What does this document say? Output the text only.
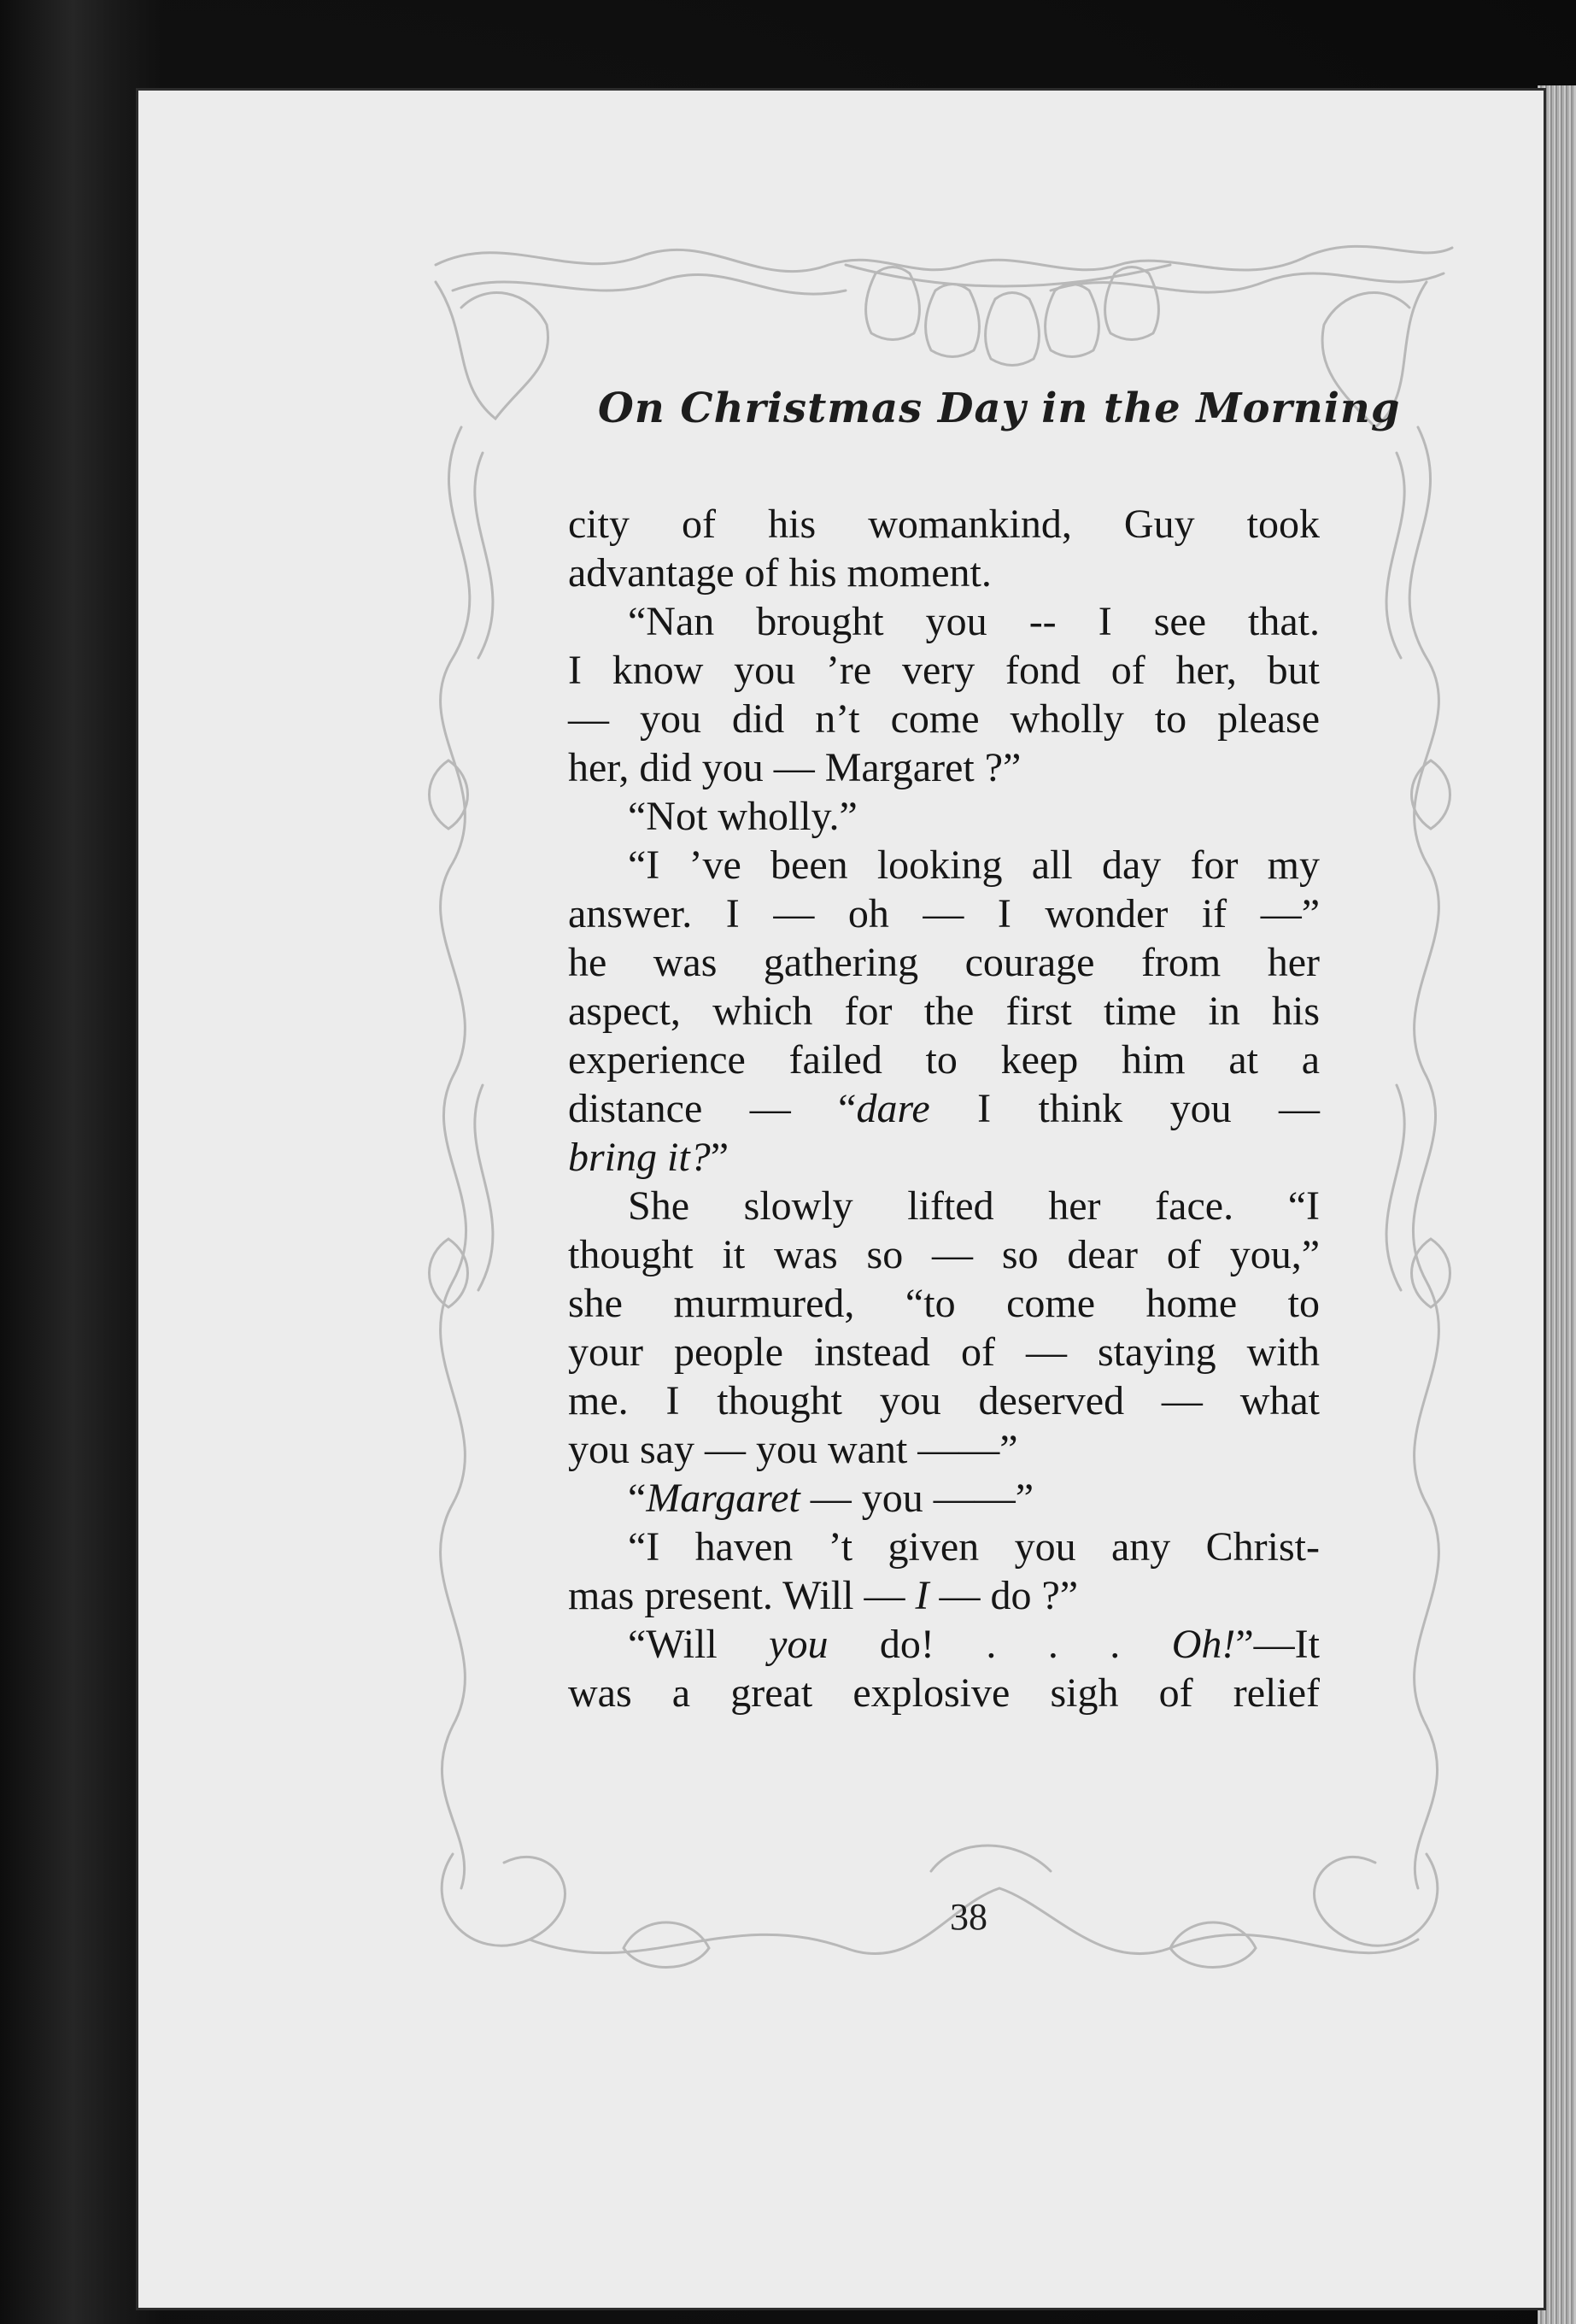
On Christmas Day in the Morning
city of his womankind, Guy took
advantage of his moment.
“Nan brought you -- I see that.
I know you ’re very fond of her, but
— you did n’t come wholly to please
her, did you — Margaret ?”
“Not wholly.”
“I ’ve been looking all day for my
answer. I — oh — I wonder if —”
he was gathering courage from her
aspect, which for the first time in his
experience failed to keep him at a
distance — “dare I think you —
bring it?”
She slowly lifted her face. “I
thought it was so — so dear of you,”
she murmured, “to come home to
your people instead of — staying with
me. I thought you deserved — what
you say — you want ——”
“Margaret — you ——”
“I haven ’t given you any Christ-
mas present. Will — I — do ?”
“Will you do! . . . Oh!”—It
was a great explosive sigh of relief
38
